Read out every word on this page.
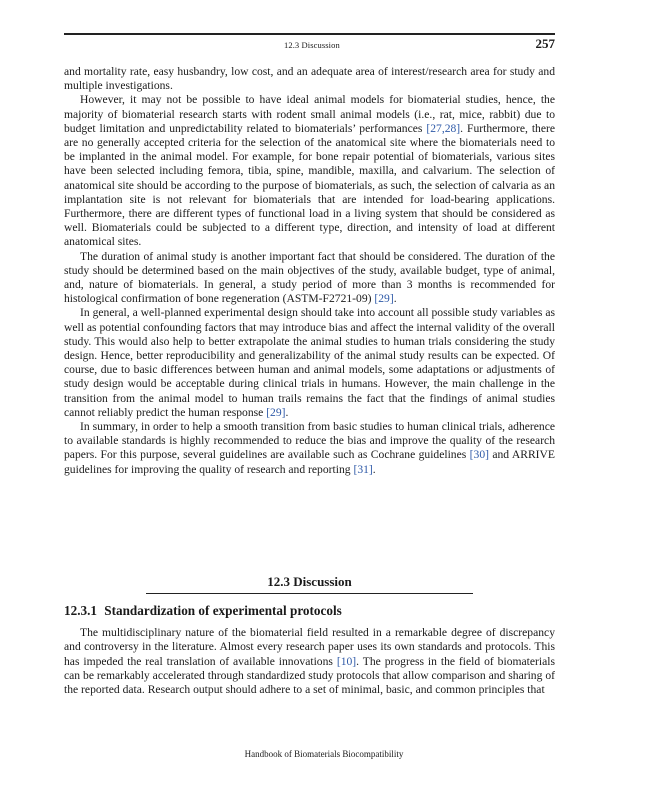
12.3 Discussion	257

and mortality rate, easy husbandry, low cost, and an adequate area of interest/research area for study and multiple investigations.

However, it may not be possible to have ideal animal models for biomaterial studies, hence, the majority of biomaterial research starts with rodent small animal models (i.e., rat, mice, rabbit) due to budget limitation and unpredictability related to biomaterials’ performances [27,28]. Furthermore, there are no generally accepted criteria for the selection of the anatomical site where the biomaterials need to be implanted in the animal model. For example, for bone repair potential of biomaterials, various sites have been selected including femora, tibia, spine, mandible, maxilla, and calvarium. The selection of anatomical site should be according to the purpose of biomaterials, as such, the selection of calvaria as an implantation site is not relevant for biomaterials that are intended for load-bearing applications. Furthermore, there are different types of functional load in a living system that should be considered as well. Biomaterials could be subjected to a different type, direction, and intensity of load at different anatomical sites.

The duration of animal study is another important fact that should be considered. The duration of the study should be determined based on the main objectives of the study, available budget, type of animal, and, nature of biomaterials. In general, a study period of more than 3 months is recommended for histological confirmation of bone regeneration (ASTM-F2721-09) [29].

In general, a well-planned experimental design should take into account all possible study variables as well as potential confounding factors that may introduce bias and affect the internal validity of the overall study. This would also help to better extrapolate the animal studies to human trials considering the study design. Hence, better reproducibility and generalizability of the animal study results can be expected. Of course, due to basic differences between human and animal models, some adaptations or adjustments of study design would be acceptable during clinical trials in humans. However, the main challenge in the transition from the animal model to human trails remains the fact that the findings of animal studies cannot reliably predict the human response [29].

In summary, in order to help a smooth transition from basic studies to human clinical trials, adherence to available standards is highly recommended to reduce the bias and improve the quality of the research papers. For this purpose, several guidelines are available such as Cochrane guidelines [30] and ARRIVE guidelines for improving the quality of research and reporting [31].

12.3 Discussion
12.3.1 Standardization of experimental protocols

The multidisciplinary nature of the biomaterial field resulted in a remarkable degree of discrepancy and controversy in the literature. Almost every research paper uses its own standards and protocols. This has impeded the real translation of available innovations [10]. The progress in the field of biomaterials can be remarkably accelerated through standardized study protocols that allow comparison and sharing of the reported data. Research output should adhere to a set of minimal, basic, and common principles that

Handbook of Biomaterials Biocompatibility
